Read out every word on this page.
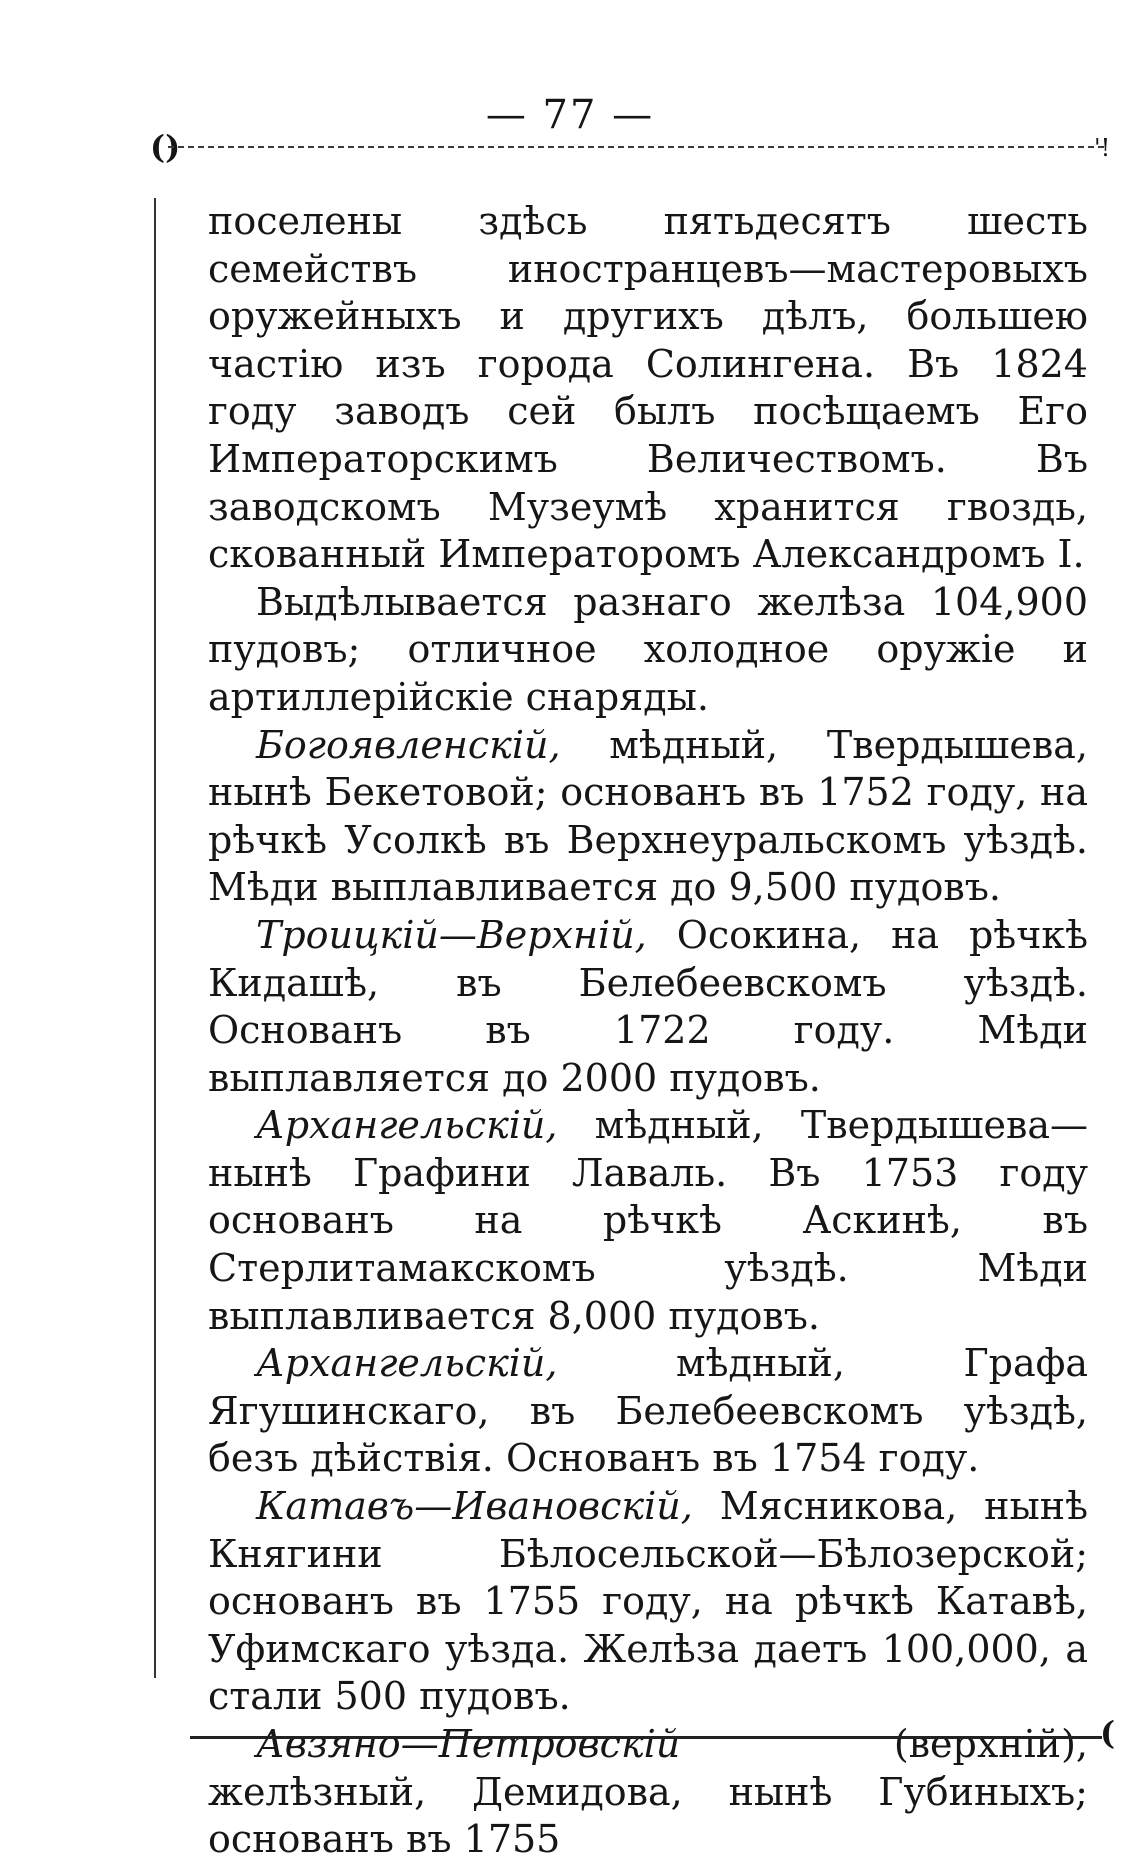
— 77 —
()	'!

поселены здѣсь пятьдесятъ шесть семействъ иностранцевъ—мастеровыхъ оружейныхъ и другихъ дѣлъ, большею частію изъ города Солингена. Въ 1824 году заводъ сей былъ посѣщаемъ Его Императорскимъ Величествомъ. Въ заводскомъ Музеумѣ хранится гвоздь, скованный Императоромъ Александромъ I.

Выдѣлывается разнаго желѣза 104,900 пудовъ; отличное холодное оружіе и артиллерійскіе снаряды.

Богоявленскій, мѣдный, Твердышева, нынѣ Бекетовой; основанъ въ 1752 году, на рѣчкѣ Усолкѣ въ Верхнеуральскомъ уѣздѣ. Мѣди выплавливается до 9,500 пудовъ.

Троицкій—Верхній, Осокина, на рѣчкѣ Кидашѣ, въ Белебеевскомъ уѣздѣ. Основанъ въ 1722 году. Мѣди выплавляется до 2000 пудовъ.

Архангельскій, мѣдный, Твердышева—нынѣ Графини Лаваль. Въ 1753 году основанъ на рѣчкѣ Аскинѣ, въ Стерлитамакскомъ уѣздѣ. Мѣди выплавливается 8,000 пудовъ.

Архангельскій, мѣдный, Графа Ягушинскаго, въ Белебеевскомъ уѣздѣ, безъ дѣйствія. Основанъ въ 1754 году.

Катавъ—Ивановскій, Мясникова, нынѣ Княгини Бѣлосельской—Бѣлозерской; основанъ въ 1755 году, на рѣчкѣ Катавѣ, Уфимскаго уѣзда. Желѣза даетъ 100,000, а стали 500 пудовъ.

Авзяно—Петровскій (верхній), желѣзный, Демидова, нынѣ Губиныхъ; основанъ въ 1755

(
